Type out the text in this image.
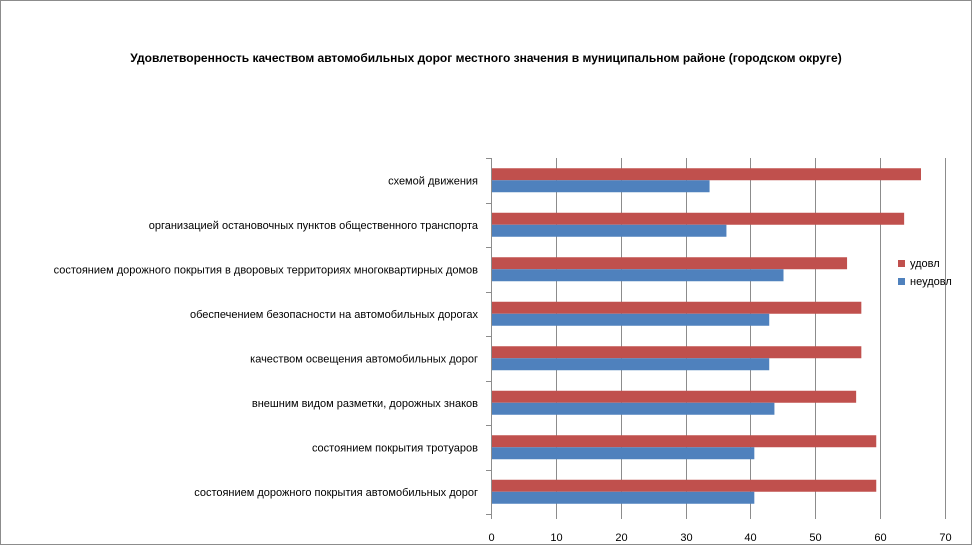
Удовлетворенность качеством автомобильных дорог местного значения в муниципальном районе (городском округе)
0	10	20	30	40	50	60	70
схемой движения
организацией остановочных пунктов общественного транспорта
состоянием дорожного покрытия в дворовых территориях многоквартирных домов
обеспечением безопасности на автомобильных дорогах
качеством освещения автомобильных дорог
внешним видом разметки, дорожных знаков
состоянием покрытия тротуаров
состоянием дорожного покрытия автомобильных дорог
удовл
неудовл
